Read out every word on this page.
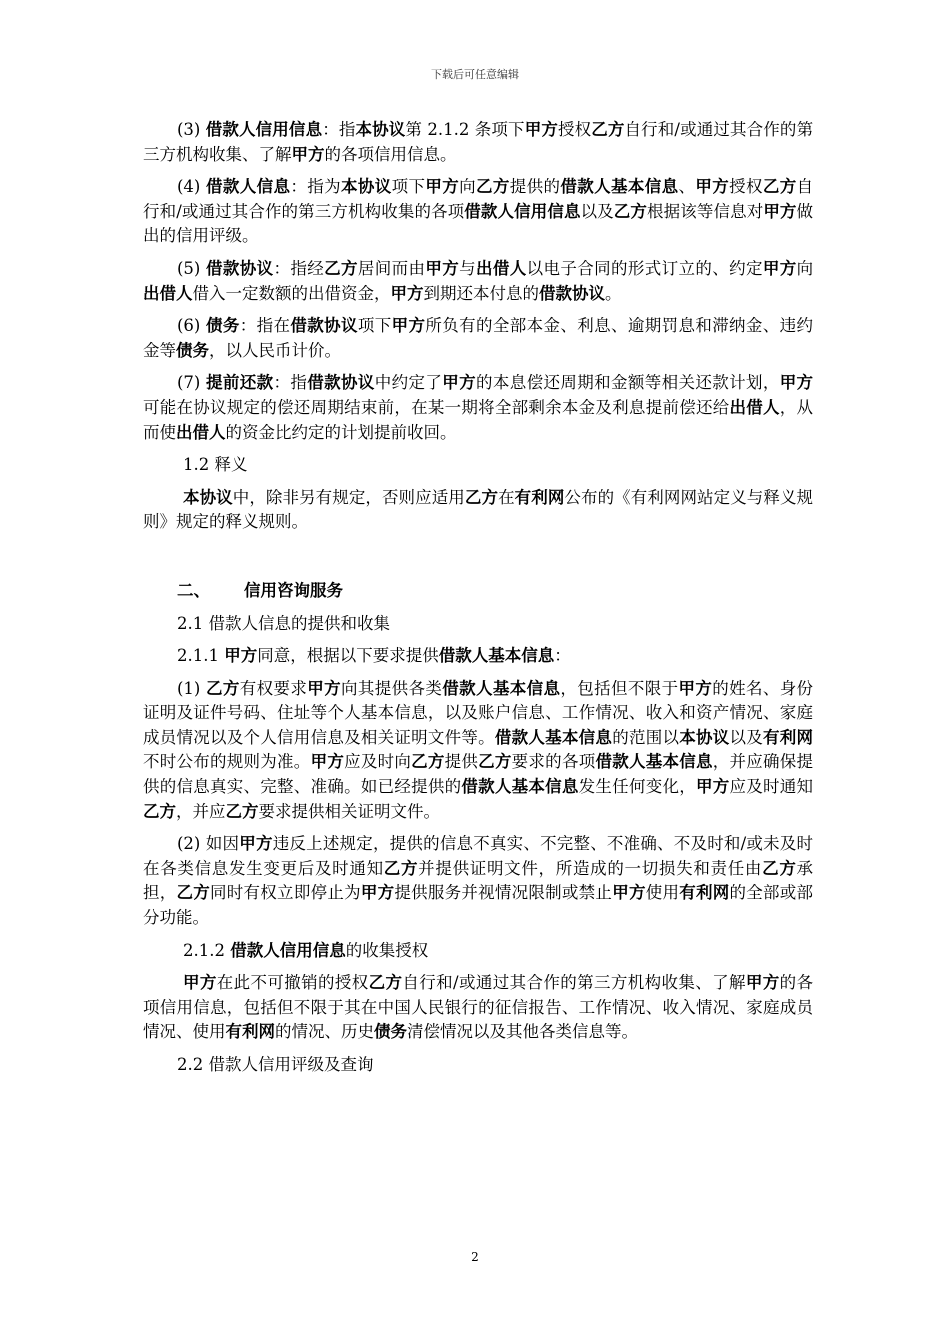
下载后可任意编辑

(3) 借款人信用信息：指本协议第 2.1.2 条项下甲方授权乙方自行和/或通过其合作的第三方机构收集、了解甲方的各项信用信息。

(4) 借款人信息：指为本协议项下甲方向乙方提供的借款人基本信息、甲方授权乙方自行和/或通过其合作的第三方机构收集的各项借款人信用信息以及乙方根据该等信息对甲方做出的信用评级。

(5) 借款协议：指经乙方居间而由甲方与出借人以电子合同的形式订立的、约定甲方向出借人借入一定数额的出借资金，甲方到期还本付息的借款协议。

(6) 债务：指在借款协议项下甲方所负有的全部本金、利息、逾期罚息和滞纳金、违约金等债务，以人民币计价。

(7) 提前还款：指借款协议中约定了甲方的本息偿还周期和金额等相关还款计划，甲方可能在协议规定的偿还周期结束前，在某一期将全部剩余本金及利息提前偿还给出借人，从而使出借人的资金比约定的计划提前收回。

1.2 释义

本协议中，除非另有规定，否则应适用乙方在有利网公布的《有利网网站定义与释义规则》规定的释义规则。

二、 信用咨询服务

2.1 借款人信息的提供和收集

2.1.1 甲方同意，根据以下要求提供借款人基本信息：

(1) 乙方有权要求甲方向其提供各类借款人基本信息，包括但不限于甲方的姓名、身份证明及证件号码、住址等个人基本信息，以及账户信息、工作情况、收入和资产情况、家庭成员情况以及个人信用信息及相关证明文件等。借款人基本信息的范围以本协议以及有利网不时公布的规则为准。甲方应及时向乙方提供乙方要求的各项借款人基本信息，并应确保提供的信息真实、完整、准确。如已经提供的借款人基本信息发生任何变化，甲方应及时通知乙方，并应乙方要求提供相关证明文件。

(2) 如因甲方违反上述规定，提供的信息不真实、不完整、不准确、不及时和/或未及时在各类信息发生变更后及时通知乙方并提供证明文件，所造成的一切损失和责任由乙方承担，乙方同时有权立即停止为甲方提供服务并视情况限制或禁止甲方使用有利网的全部或部分功能。

2.1.2 借款人信用信息的收集授权

甲方在此不可撤销的授权乙方自行和/或通过其合作的第三方机构收集、了解甲方的各项信用信息，包括但不限于其在中国人民银行的征信报告、工作情况、收入情况、家庭成员情况、使用有利网的情况、历史债务清偿情况以及其他各类信息等。

2.2 借款人信用评级及查询

2
